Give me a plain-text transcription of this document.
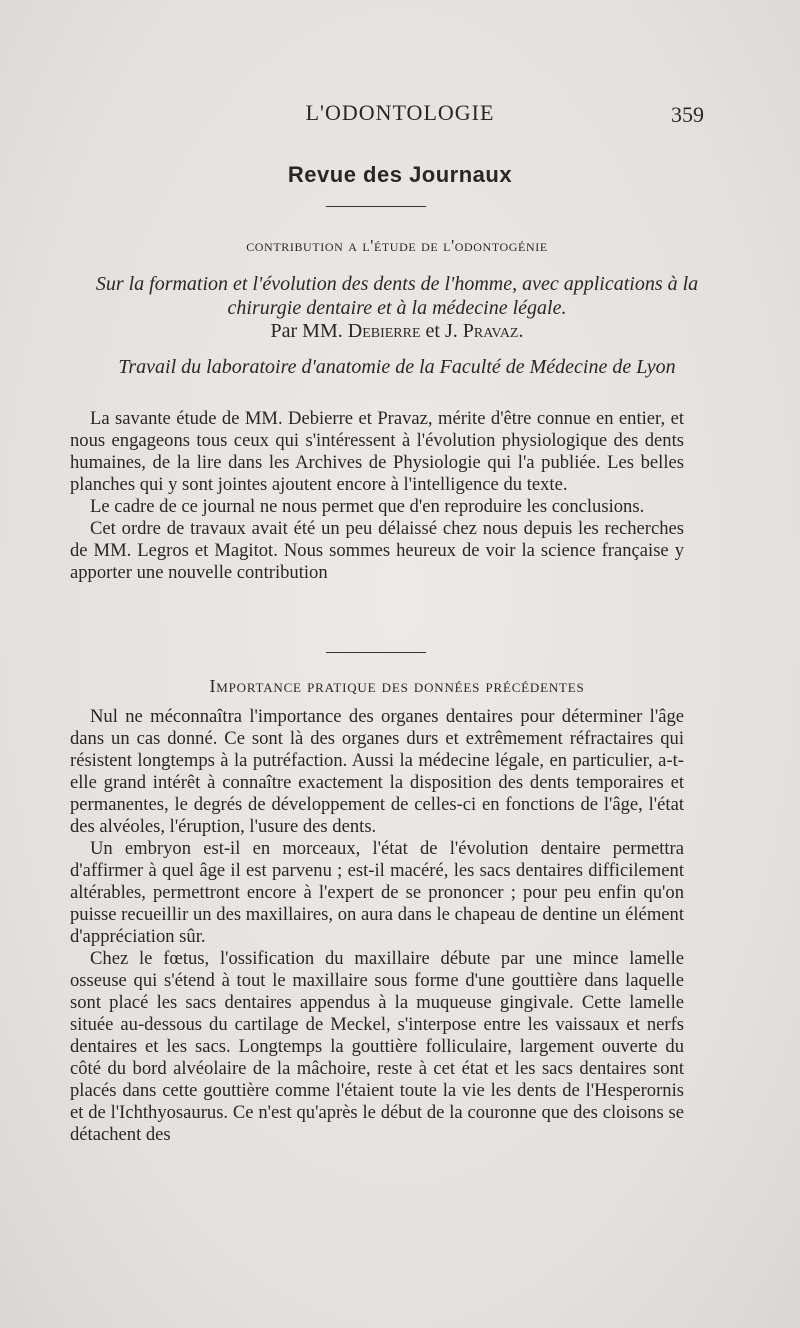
L'ODONTOLOGIE	359
Revue des Journaux
contribution a l'étude de l'odontogénie
Sur la formation et l'évolution des dents de l'homme, avec applications à la chirurgie dentaire et à la médecine légale.
Par MM. Debierre et J. Pravaz.
Travail du laboratoire d'anatomie de la Faculté de Médecine de Lyon

La savante étude de MM. Debierre et Pravaz, mérite d'être connue en entier, et nous engageons tous ceux qui s'intéressent à l'évolution physiologique des dents humaines, de la lire dans les Archives de Physiologie qui l'a publiée. Les belles planches qui y sont jointes ajoutent encore à l'intelligence du texte.

Le cadre de ce journal ne nous permet que d'en reproduire les conclusions.

Cet ordre de travaux avait été un peu délaissé chez nous depuis les recherches de MM. Legros et Magitot. Nous sommes heureux de voir la science française y apporter une nouvelle contribution

Importance pratique des données précédentes

Nul ne méconnaîtra l'importance des organes dentaires pour déterminer l'âge dans un cas donné. Ce sont là des organes durs et extrêmement réfractaires qui résistent longtemps à la putréfaction. Aussi la médecine légale, en particulier, a-t-elle grand intérêt à connaître exactement la disposition des dents temporaires et permanentes, le degrés de développement de celles-ci en fonctions de l'âge, l'état des alvéoles, l'éruption, l'usure des dents.

Un embryon est-il en morceaux, l'état de l'évolution dentaire permettra d'affirmer à quel âge il est parvenu ; est-il macéré, les sacs dentaires difficilement altérables, permettront encore à l'expert de se prononcer ; pour peu enfin qu'on puisse recueillir un des maxillaires, on aura dans le chapeau de dentine un élément d'appréciation sûr.

Chez le fœtus, l'ossification du maxillaire débute par une mince lamelle osseuse qui s'étend à tout le maxillaire sous forme d'une gouttière dans laquelle sont placé les sacs dentaires appendus à la muqueuse gingivale. Cette lamelle située au-dessous du cartilage de Meckel, s'interpose entre les vaissaux et nerfs dentaires et les sacs. Longtemps la gouttière folliculaire, largement ouverte du côté du bord alvéolaire de la mâchoire, reste à cet état et les sacs dentaires sont placés dans cette gouttière comme l'étaient toute la vie les dents de l'Hesperornis et de l'Ichthyosaurus. Ce n'est qu'après le début de la couronne que des cloisons se détachent des
